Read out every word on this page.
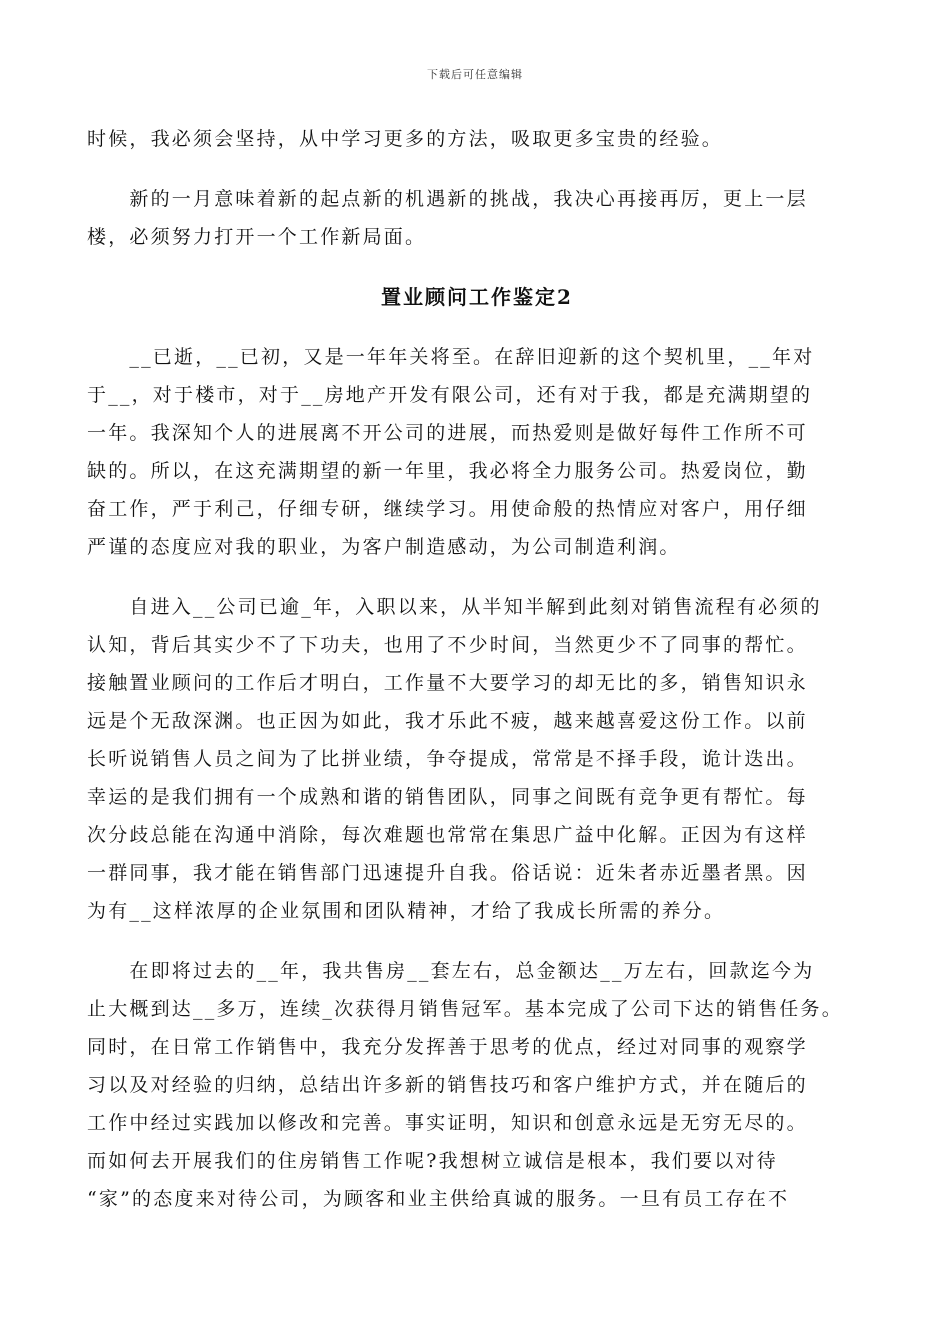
下载后可任意编辑

时候，我必须会坚持，从中学习更多的方法，吸取更多宝贵的经验。

　　新的一月意味着新的起点新的机遇新的挑战，我决心再接再厉，更上一层
楼，必须努力打开一个工作新局面。

置业顾问工作鉴定2

　　__已逝，__已初，又是一年年关将至。在辞旧迎新的这个契机里，__年对
于__，对于楼市，对于__房地产开发有限公司，还有对于我，都是充满期望的
一年。我深知个人的进展离不开公司的进展，而热爱则是做好每件工作所不可
缺的。所以，在这充满期望的新一年里，我必将全力服务公司。热爱岗位，勤
奋工作，严于利己，仔细专研，继续学习。用使命般的热情应对客户，用仔细
严谨的态度应对我的职业，为客户制造感动，为公司制造利润。

　　自进入__公司已逾_年，入职以来，从半知半解到此刻对销售流程有必须的
认知，背后其实少不了下功夫，也用了不少时间，当然更少不了同事的帮忙。
接触置业顾问的工作后才明白，工作量不大要学习的却无比的多，销售知识永
远是个无敌深渊。也正因为如此，我才乐此不疲，越来越喜爱这份工作。以前
长听说销售人员之间为了比拼业绩，争夺提成，常常是不择手段，诡计迭出。
幸运的是我们拥有一个成熟和谐的销售团队，同事之间既有竞争更有帮忙。每
次分歧总能在沟通中消除，每次难题也常常在集思广益中化解。正因为有这样
一群同事，我才能在销售部门迅速提升自我。俗话说：近朱者赤近墨者黑。因
为有__这样浓厚的企业氛围和团队精神，才给了我成长所需的养分。

　　在即将过去的__年，我共售房__套左右，总金额达__万左右，回款迄今为
止大概到达__多万，连续_次获得月销售冠军。基本完成了公司下达的销售任务。
同时，在日常工作销售中，我充分发挥善于思考的优点，经过对同事的观察学
习以及对经验的归纳，总结出许多新的销售技巧和客户维护方式，并在随后的
工作中经过实践加以修改和完善。事实证明，知识和创意永远是无穷无尽的。
而如何去开展我们的住房销售工作呢?我想树立诚信是根本，我们要以对待
“家”的态度来对待公司，为顾客和业主供给真诚的服务。一旦有员工存在不
